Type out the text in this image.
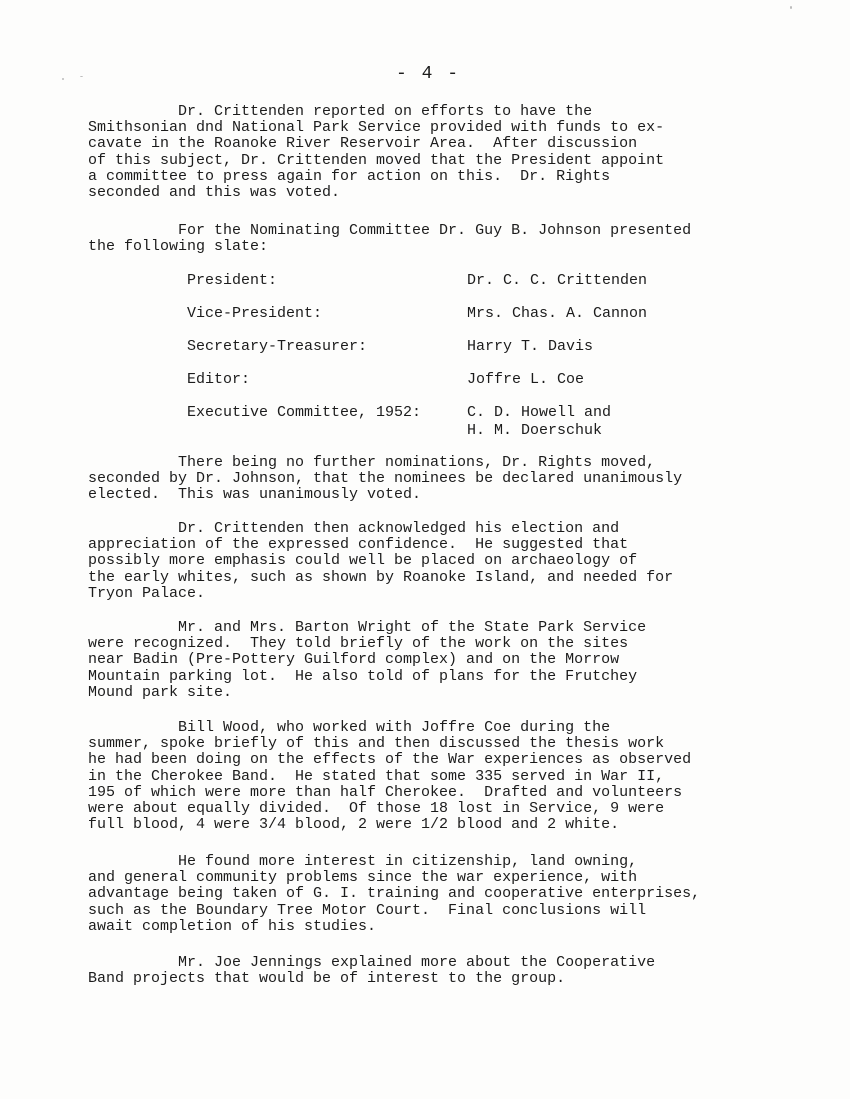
- 4 -
Dr. Crittenden reported on efforts to have the
Smithsonian dnd National Park Service provided with funds to ex-
cavate in the Roanoke River Reservoir Area.  After discussion
of this subject, Dr. Crittenden moved that the President appoint
a committee to press again for action on this.  Dr. Rights
seconded and this was voted.
For the Nominating Committee Dr. Guy B. Johnson presented
the following slate:
President:	Dr. C. C. Crittenden
Vice-President:	Mrs. Chas. A. Cannon
Secretary-Treasurer:	Harry T. Davis
Editor:	Joffre L. Coe
Executive Committee, 1952:	C. D. Howell and
H. M. Doerschuk
There being no further nominations, Dr. Rights moved,
seconded by Dr. Johnson, that the nominees be declared unanimously
elected.  This was unanimously voted.
Dr. Crittenden then acknowledged his election and
appreciation of the expressed confidence.  He suggested that
possibly more emphasis could well be placed on archaeology of
the early whites, such as shown by Roanoke Island, and needed for
Tryon Palace.
Mr. and Mrs. Barton Wright of the State Park Service
were recognized.  They told briefly of the work on the sites
near Badin (Pre-Pottery Guilford complex) and on the Morrow
Mountain parking lot.  He also told of plans for the Frutchey
Mound park site.
Bill Wood, who worked with Joffre Coe during the
summer, spoke briefly of this and then discussed the thesis work
he had been doing on the effects of the War experiences as observed
in the Cherokee Band.  He stated that some 335 served in War II,
195 of which were more than half Cherokee.  Drafted and volunteers
were about equally divided.  Of those 18 lost in Service, 9 were
full blood, 4 were 3/4 blood, 2 were 1/2 blood and 2 white.
He found more interest in citizenship, land owning,
and general community problems since the war experience, with
advantage being taken of G. I. training and cooperative enterprises,
such as the Boundary Tree Motor Court.  Final conclusions will
await completion of his studies.
Mr. Joe Jennings explained more about the Cooperative
Band projects that would be of interest to the group.
